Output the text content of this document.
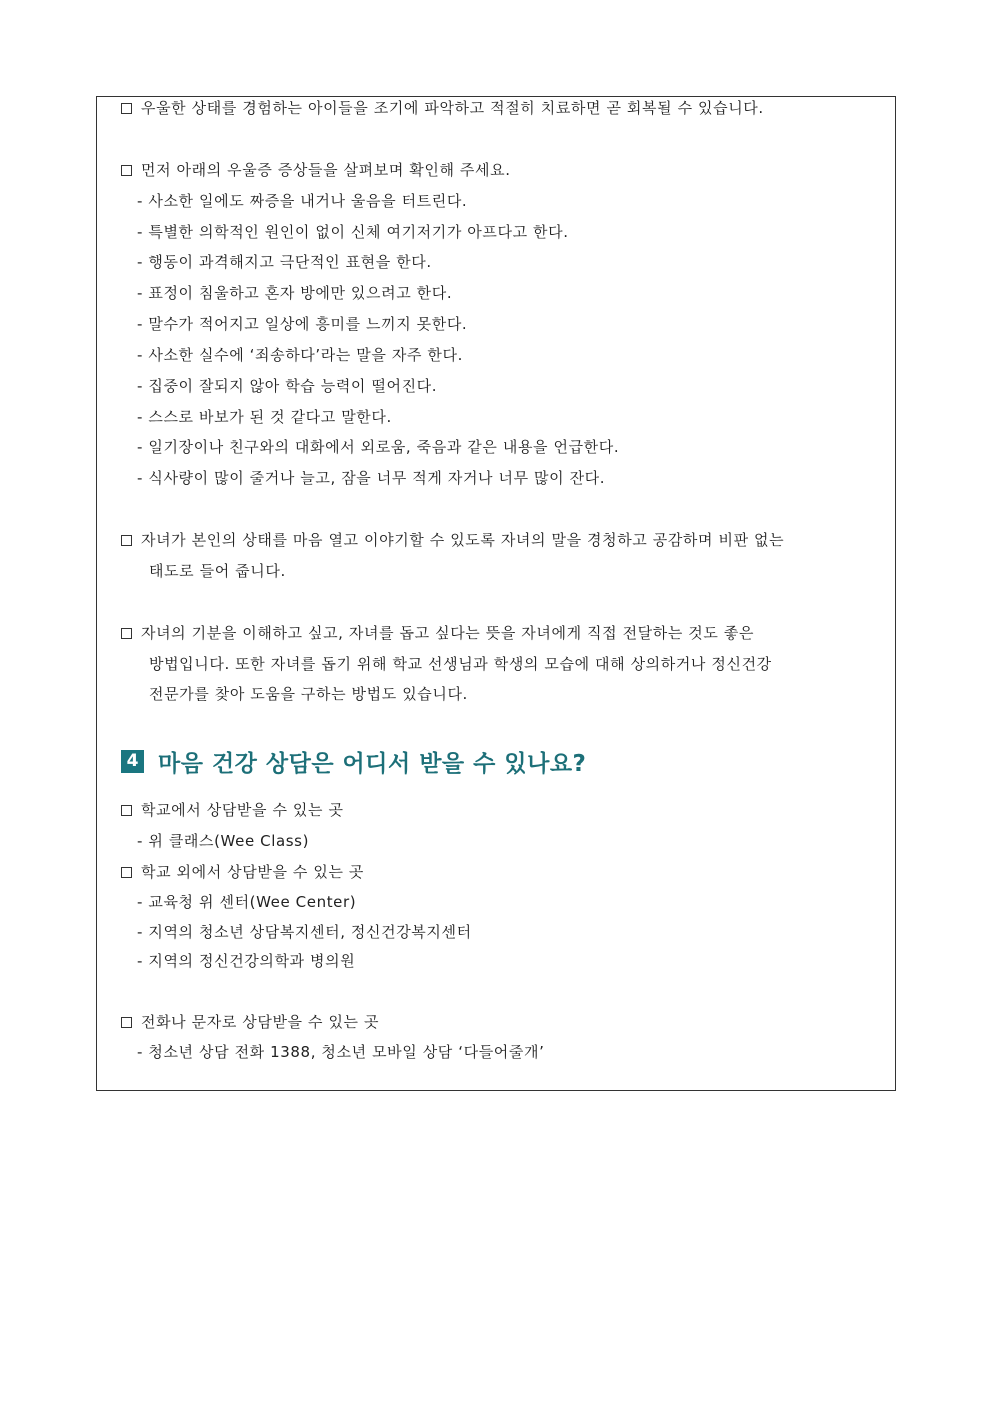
우울한 상태를 경험하는 아이들을 조기에 파악하고 적절히 치료하면 곧 회복될 수 있습니다.
먼저 아래의 우울증 증상들을 살펴보며 확인해 주세요.
- 사소한 일에도 짜증을 내거나 울음을 터트린다.
- 특별한 의학적인 원인이 없이 신체 여기저기가 아프다고 한다.
- 행동이 과격해지고 극단적인 표현을 한다.
- 표정이 침울하고 혼자 방에만 있으려고 한다.
- 말수가 적어지고 일상에 흥미를 느끼지 못한다.
- 사소한 실수에 ‘죄송하다’라는 말을 자주 한다.
- 집중이 잘되지 않아 학습 능력이 떨어진다.
- 스스로 바보가 된 것 같다고 말한다.
- 일기장이나 친구와의 대화에서 외로움, 죽음과 같은 내용을 언급한다.
- 식사량이 많이 줄거나 늘고, 잠을 너무 적게 자거나 너무 많이 잔다.
자녀가 본인의 상태를 마음 열고 이야기할 수 있도록 자녀의 말을 경청하고 공감하며 비판 없는
태도로 들어 줍니다.
자녀의 기분을 이해하고 싶고, 자녀를 돕고 싶다는 뜻을 자녀에게 직접 전달하는 것도 좋은
방법입니다. 또한 자녀를 돕기 위해 학교 선생님과 학생의 모습에 대해 상의하거나 정신건강
전문가를 찾아 도움을 구하는 방법도 있습니다.
4 마음 건강 상담은 어디서 받을 수 있나요?
학교에서 상담받을 수 있는 곳
- 위 클래스(Wee Class)
학교 외에서 상담받을 수 있는 곳
- 교육청 위 센터(Wee Center)
- 지역의 청소년 상담복지센터, 정신건강복지센터
- 지역의 정신건강의학과 병의원
전화나 문자로 상담받을 수 있는 곳
- 청소년 상담 전화 1388, 청소년 모바일 상담 ‘다들어줄개’
